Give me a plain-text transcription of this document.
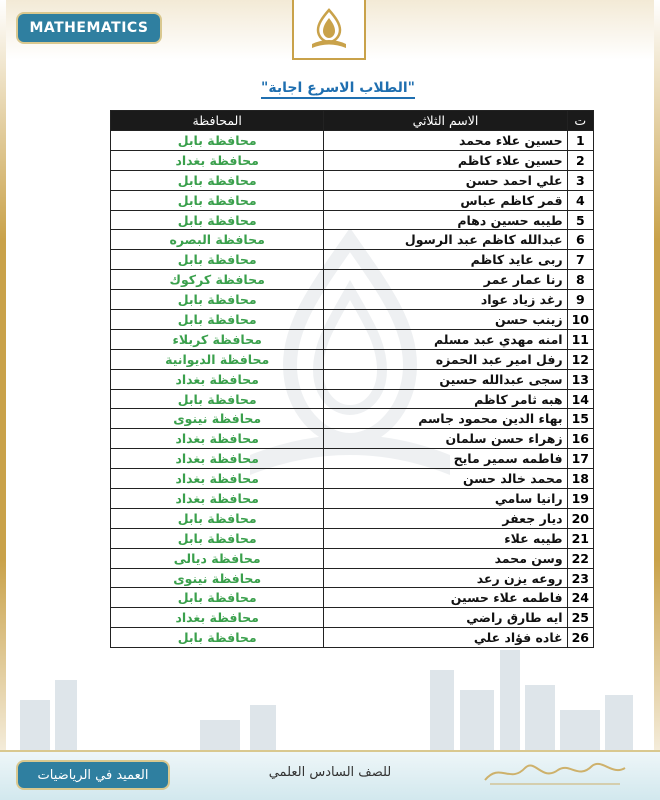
MATHEMATICS
"الطلاب الاسرع اجابة"
ت	الاسم الثلاثي	المحافظة
1	حسين علاء محمد	محافظة بابل
2	حسين علاء كاظم	محافظة بغداد
3	علي احمد حسن	محافظة بابل
4	قمر كاظم عباس	محافظة بابل
5	طيبه حسين دهام	محافظة بابل
6	عبدالله كاظم عبد الرسول	محافظة البصره
7	ربى عايد كاظم	محافظة بابل
8	رنا عمار عمر	محافظة كركوك
9	رغد زياد عواد	محافظة بابل
10	زينب حسن	محافظة بابل
11	امنه مهدي عبد مسلم	محافظة كربلاء
12	رفل امير عبد الحمزه	محافظة الديوانية
13	سجى عبدالله حسين	محافظة بغداد
14	هبه ثامر كاظم	محافظة بابل
15	بهاء الدين محمود جاسم	محافظة نينوى
16	زهراء حسن سلمان	محافظة بغداد
17	فاطمه سمير مايح	محافظة بغداد
18	محمد خالد حسن	محافظة بغداد
19	رانيا سامي	محافظة بغداد
20	ديار جعفر	محافظة بابل
21	طيبه علاء	محافظة بابل
22	وسن محمد	محافظة ديالى
23	روعه يزن رعد	محافظة نينوى
24	فاطمه علاء حسين	محافظة بابل
25	ايه طارق راضي	محافظة بغداد
26	غاده فؤاد علي	محافظة بابل
العميد في الرياضيات	للصف السادس العلمي
